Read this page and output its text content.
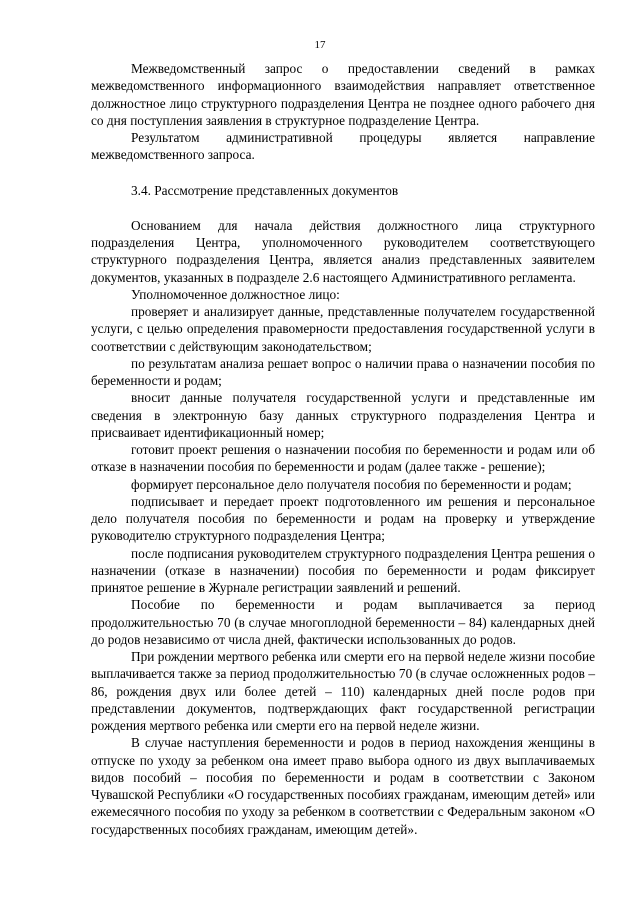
17

Межведомственный запрос о предоставлении сведений в рамках межведомственного информационного взаимодействия направляет ответственное должностное лицо структурного подразделения Центра не позднее одного рабочего дня со дня поступления заявления в структурное подразделение Центра.

Результатом административной процедуры является направление межведомственного запроса.

3.4. Рассмотрение представленных документов

Основанием для начала действия должностного лица структурного подразделения Центра, уполномоченного руководителем соответствующего структурного подразделения Центра, является анализ представленных заявителем документов, указанных в подразделе 2.6 настоящего Административного регламента.

Уполномоченное должностное лицо:

проверяет и анализирует данные, представленные получателем государственной услуги, с целью определения правомерности предоставления государственной услуги в соответствии с действующим законодательством;

по результатам анализа решает вопрос о наличии права о назначении пособия по беременности и родам;

вносит данные получателя государственной услуги и представленные им сведения в электронную базу данных структурного подразделения Центра и присваивает идентификационный номер;

готовит проект решения о назначении пособия по беременности и родам или об отказе в назначении пособия по беременности и родам (далее также - решение);

формирует персональное дело получателя пособия по беременности и родам;

подписывает и передает проект подготовленного им решения и персональное дело получателя пособия по беременности и родам на проверку и утверждение руководителю структурного подразделения Центра;

после подписания руководителем структурного подразделения Центра решения о назначении (отказе в назначении) пособия по беременности и родам фиксирует принятое решение в Журнале регистрации заявлений и решений.

Пособие по беременности и родам выплачивается за период продолжительностью 70 (в случае многоплодной беременности – 84) календарных дней до родов независимо от числа дней, фактически использованных до родов.

При рождении мертвого ребенка или смерти его на первой неделе жизни пособие выплачивается также за период продолжительностью 70 (в случае осложненных родов – 86, рождения двух или более детей – 110) календарных дней после родов при представлении документов, подтверждающих факт государственной регистрации рождения мертвого ребенка или смерти его на первой неделе жизни.

В случае наступления беременности и родов в период нахождения женщины в отпуске по уходу за ребенком она имеет право выбора одного из двух выплачиваемых видов пособий – пособия по беременности и родам в соответствии с Законом Чувашской Республики «О государственных пособиях гражданам, имеющим детей» или ежемесячного пособия по уходу за ребенком в соответствии с Федеральным законом «О государственных пособиях гражданам, имеющим детей».
